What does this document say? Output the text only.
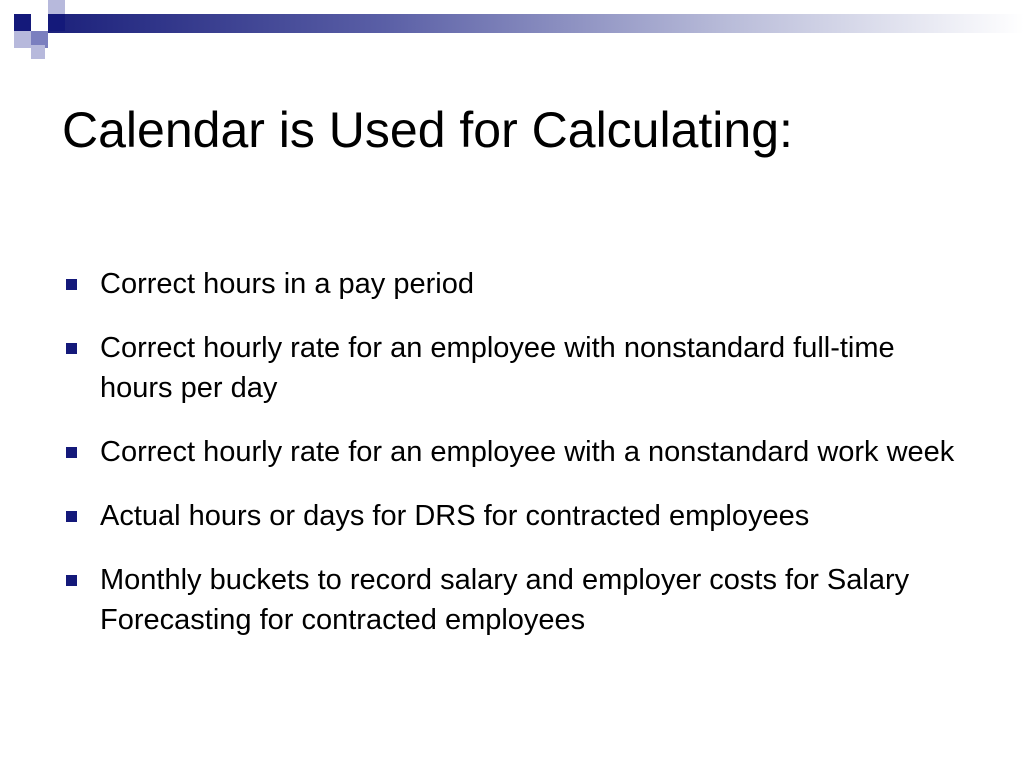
Calendar is Used for Calculating:
Correct hours in a pay period
Correct hourly rate for an employee with nonstandard full-time hours per day
Correct hourly rate for an employee with a nonstandard work week
Actual hours or days for DRS for contracted employees
Monthly buckets to record salary and employer costs for Salary Forecasting for contracted employees
